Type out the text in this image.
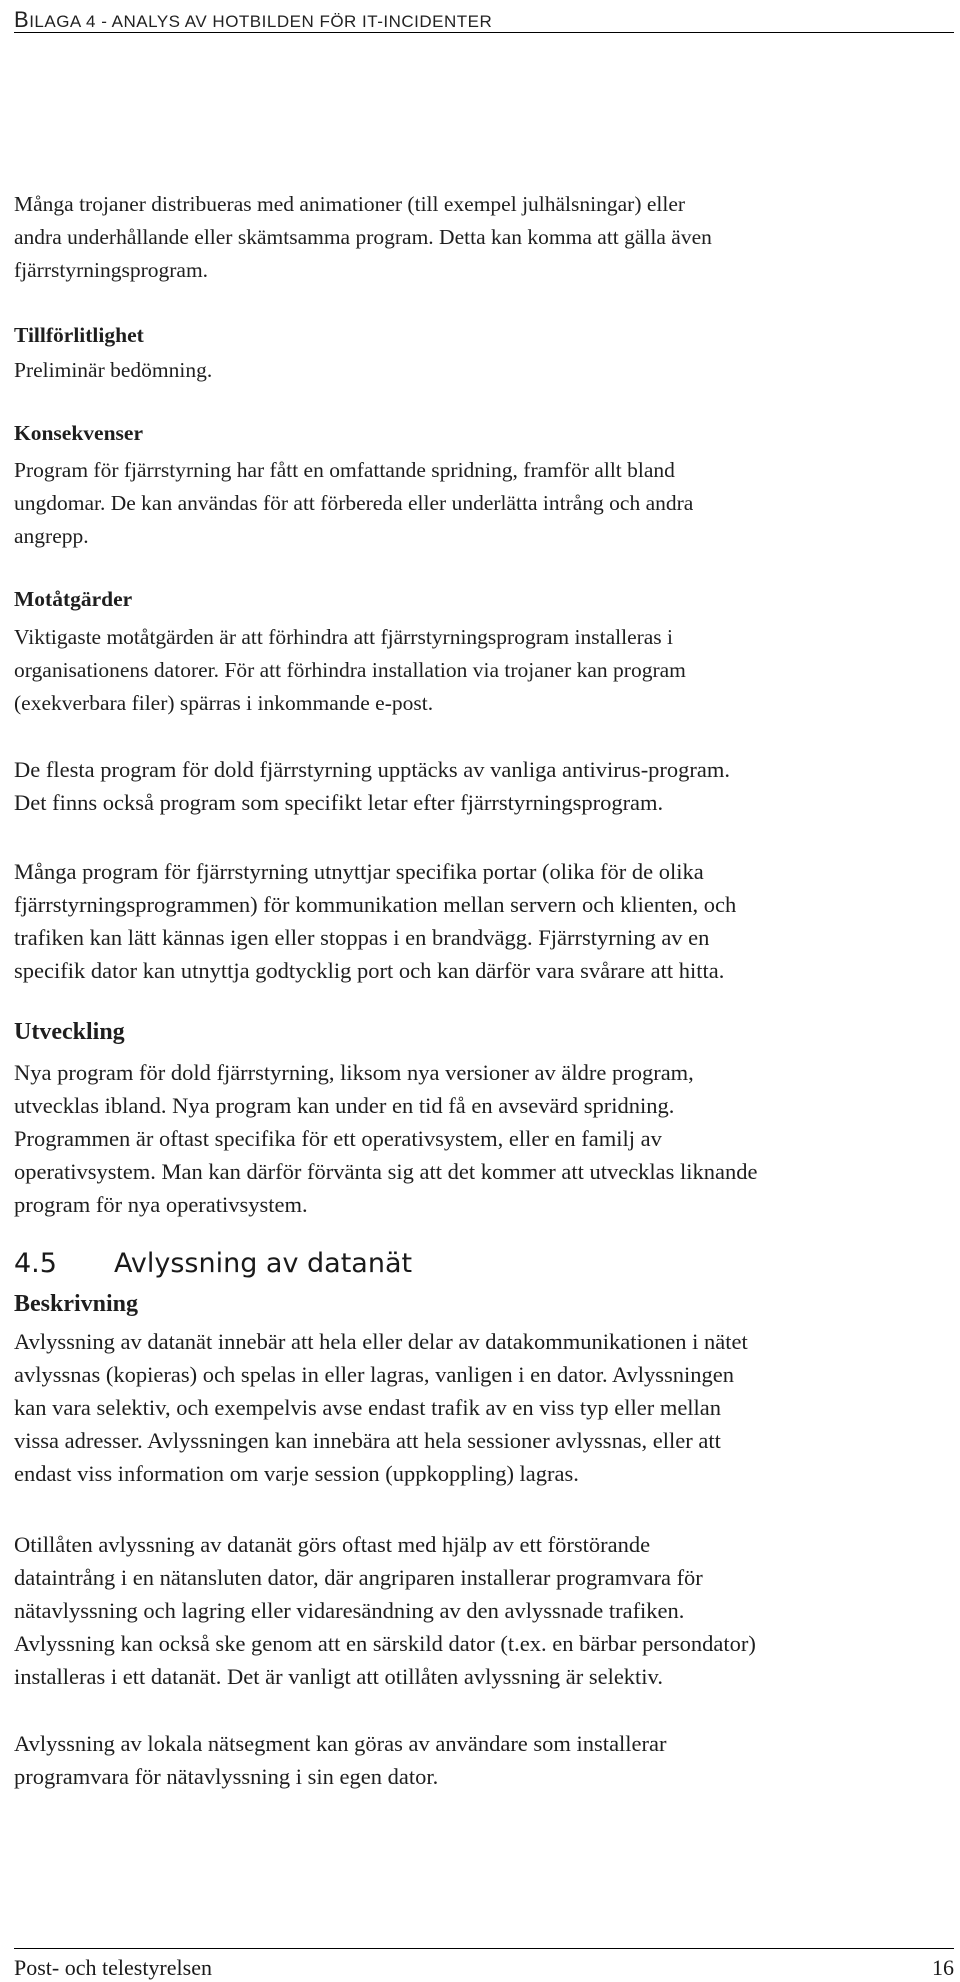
BILAGA 4 - ANALYS AV HOTBILDEN FÖR IT-INCIDENTER

Många trojaner distribueras med animationer (till exempel julhälsningar) eller
andra underhållande eller skämtsamma program. Detta kan komma att gälla även
fjärrstyrningsprogram.

Tillförlitlighet

Preliminär bedömning.

Konsekvenser

Program för fjärrstyrning har fått en omfattande spridning, framför allt bland
ungdomar. De kan användas för att förbereda eller underlätta intrång och andra
angrepp.

Motåtgärder

Viktigaste motåtgärden är att förhindra att fjärrstyrningsprogram installeras i
organisationens datorer. För att förhindra installation via trojaner kan program
(exekverbara filer) spärras i inkommande e-post.

De flesta program för dold fjärrstyrning upptäcks av vanliga antivirus-program.
Det finns också program som specifikt letar efter fjärrstyrningsprogram.

Många program för fjärrstyrning utnyttjar specifika portar (olika för de olika
fjärrstyrningsprogrammen) för kommunikation mellan servern och klienten, och
trafiken kan lätt kännas igen eller stoppas i en brandvägg. Fjärrstyrning av en
specifik dator kan utnyttja godtycklig port och kan därför vara svårare att hitta.

Utveckling

Nya program för dold fjärrstyrning, liksom nya versioner av äldre program,
utvecklas ibland. Nya program kan under en tid få en avsevärd spridning.
Programmen är oftast specifika för ett operativsystem, eller en familj av
operativsystem. Man kan därför förvänta sig att det kommer att utvecklas liknande
program för nya operativsystem.

4.5 Avlyssning av datanät
Beskrivning

Avlyssning av datanät innebär att hela eller delar av datakommunikationen i nätet
avlyssnas (kopieras) och spelas in eller lagras, vanligen i en dator. Avlyssningen
kan vara selektiv, och exempelvis avse endast trafik av en viss typ eller mellan
vissa adresser. Avlyssningen kan innebära att hela sessioner avlyssnas, eller att
endast viss information om varje session (uppkoppling) lagras.

Otillåten avlyssning av datanät görs oftast med hjälp av ett förstörande
dataintrång i en nätansluten dator, där angriparen installerar programvara för
nätavlyssning och lagring eller vidaresändning av den avlyssnade trafiken.
Avlyssning kan också ske genom att en särskild dator (t.ex. en bärbar persondator)
installeras i ett datanät. Det är vanligt att otillåten avlyssning är selektiv.

Avlyssning av lokala nätsegment kan göras av användare som installerar
programvara för nätavlyssning i sin egen dator.

Post- och telestyrelsen	16
